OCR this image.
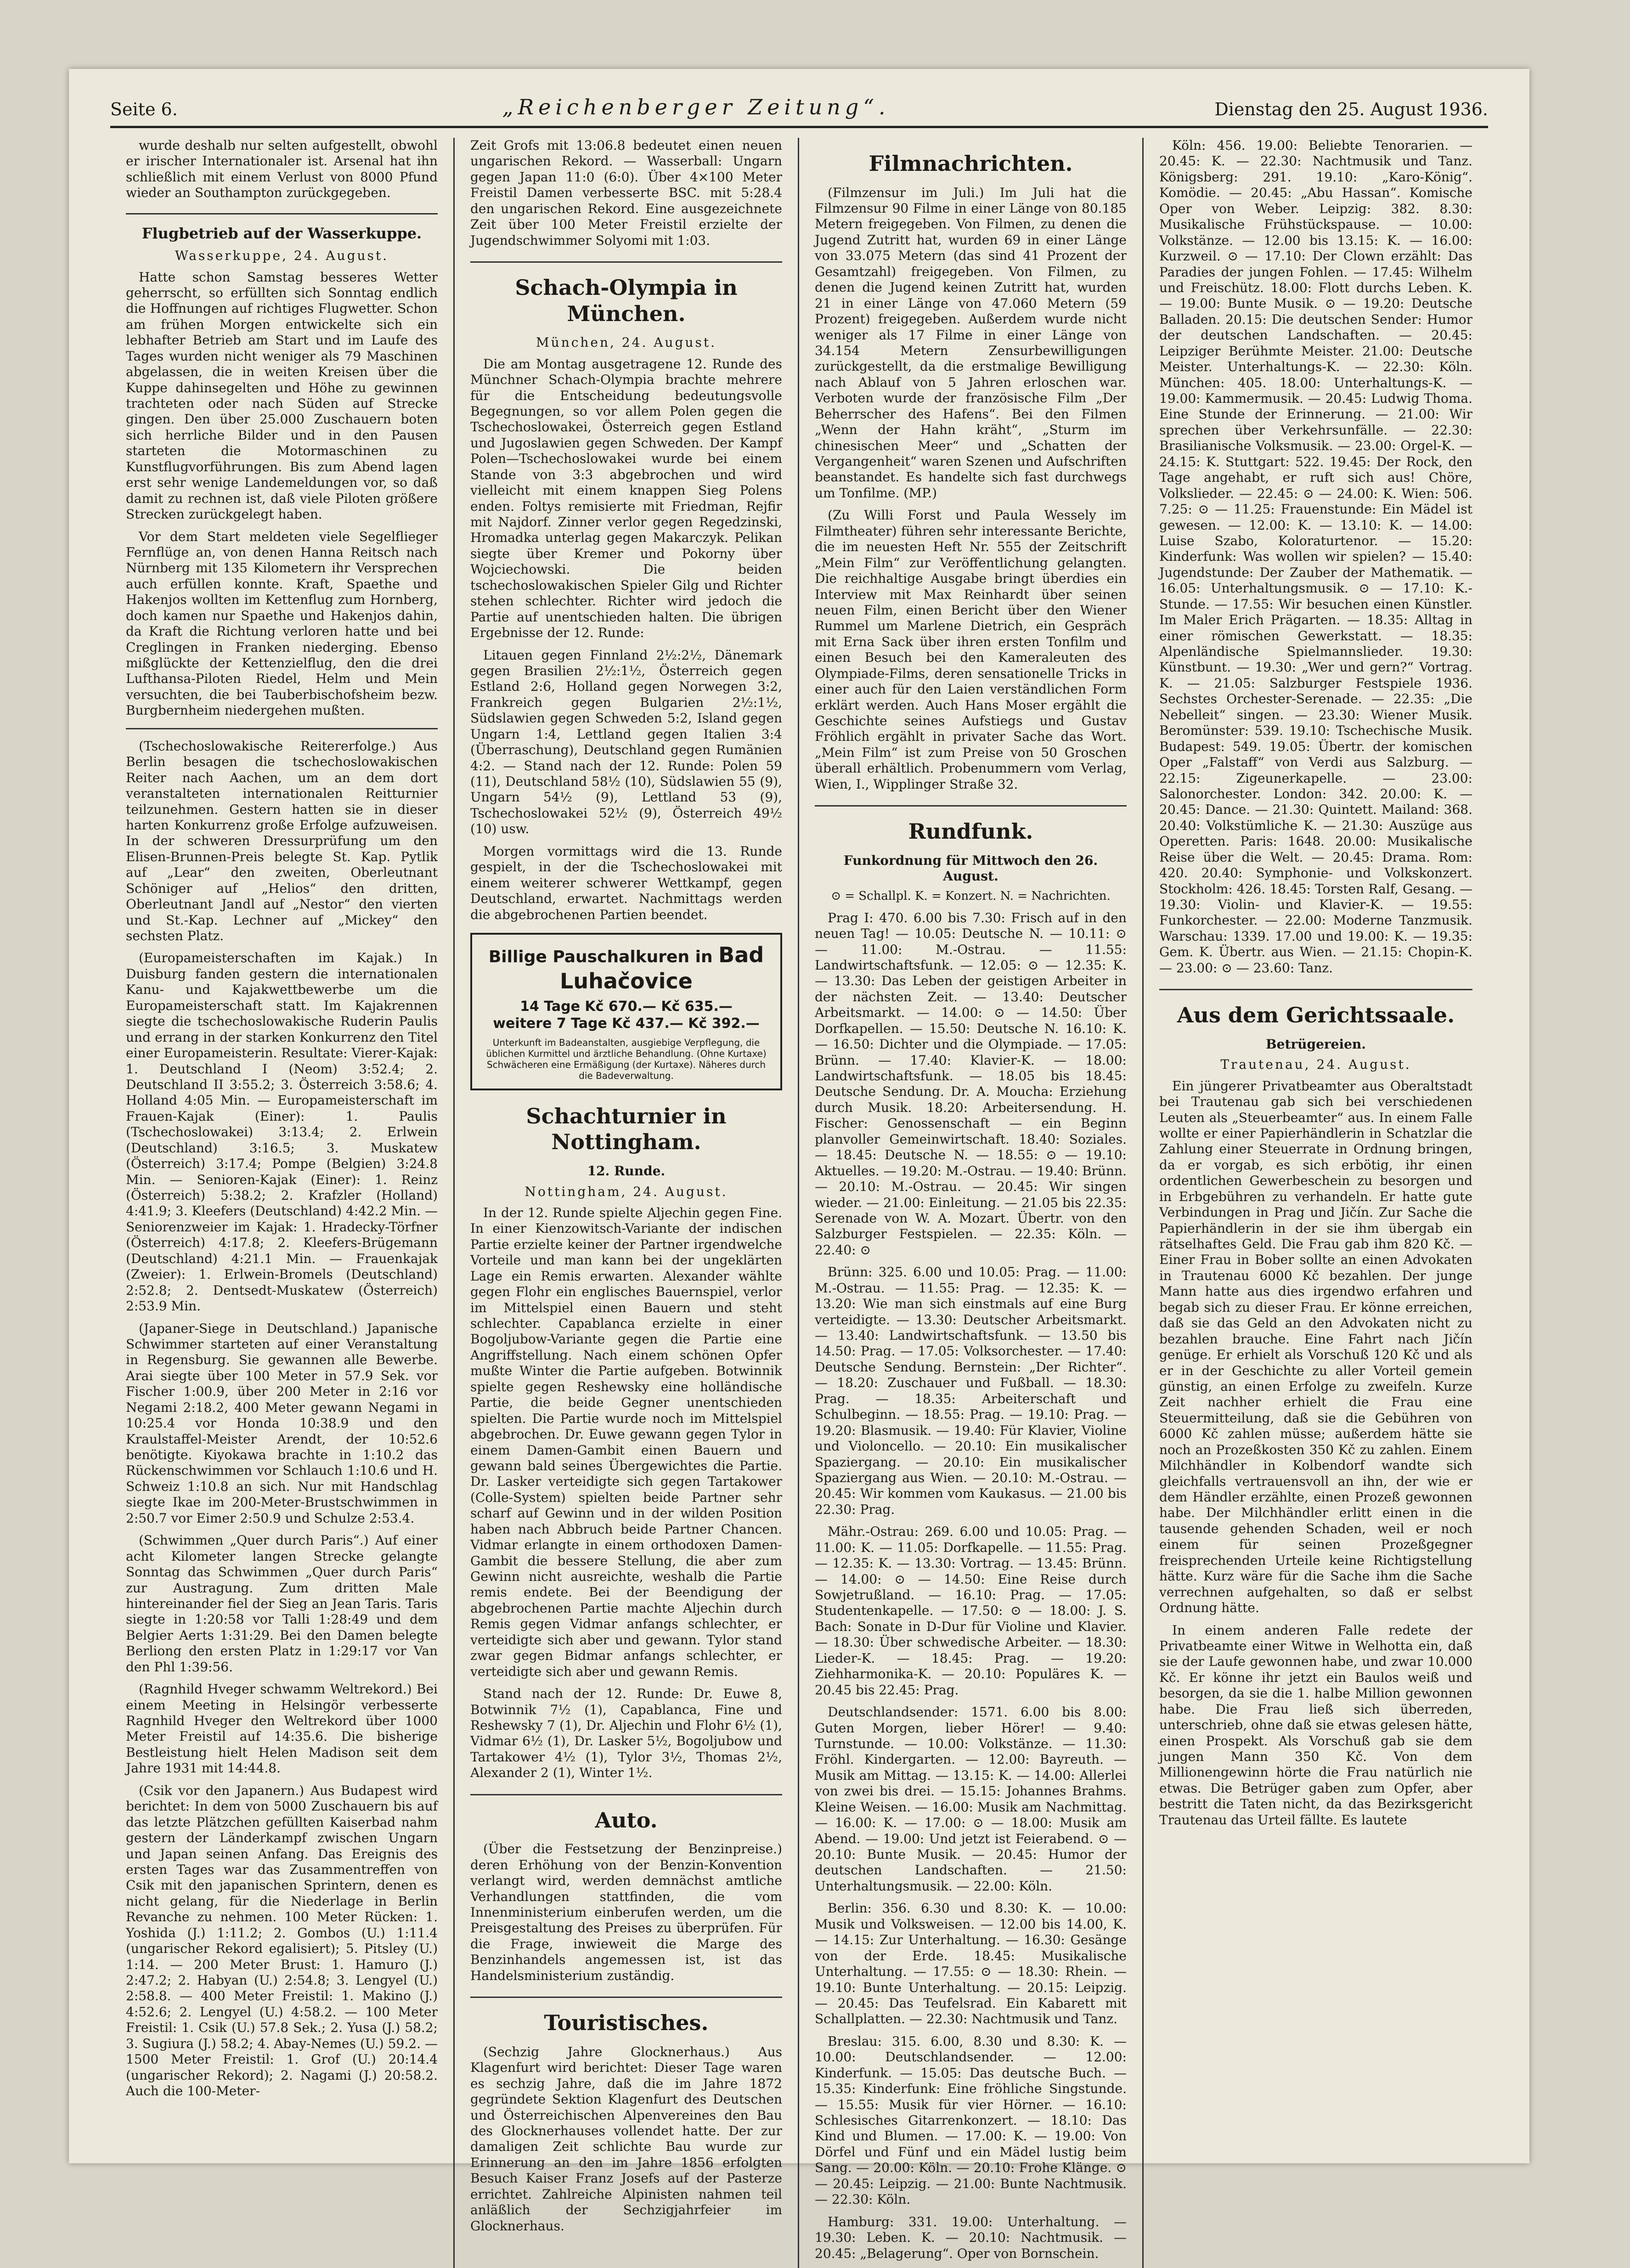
Seite 6.	„Reichenberger Zeitung“.	Dienstag den 25. August 1936.

wurde deshalb nur selten aufgestellt, obwohl er irischer Internationaler ist. Arsenal hat ihn schließlich mit einem Verlust von 8000 Pfund wieder an Southampton zurückgegeben.

Flugbetrieb auf der Wasserkuppe.
Wasserkuppe, 24. August.

Hatte schon Samstag besseres Wetter geherrscht, so erfüllten sich Sonntag endlich die Hoffnungen auf richtiges Flugwetter. Schon am frühen Morgen entwickelte sich ein lebhafter Betrieb am Start und im Laufe des Tages wurden nicht weniger als 79 Maschinen abgelassen, die in weiten Kreisen über die Kuppe dahinsegelten und Höhe zu gewinnen trachteten oder nach Süden auf Strecke gingen. Den über 25.000 Zuschauern boten sich herrliche Bilder und in den Pausen starteten die Motormaschinen zu Kunstflugvorführungen. Bis zum Abend lagen erst sehr wenige Landemeldungen vor, so daß damit zu rechnen ist, daß viele Piloten größere Strecken zurückgelegt haben.

Vor dem Start meldeten viele Segelflieger Fernflüge an, von denen Hanna Reitsch nach Nürnberg mit 135 Kilometern ihr Versprechen auch erfüllen konnte. Kraft, Spaethe und Hakenjos wollten im Kettenflug zum Hornberg, doch kamen nur Spaethe und Hakenjos dahin, da Kraft die Richtung verloren hatte und bei Creglingen in Franken niederging. Ebenso mißglückte der Kettenzielflug, den die drei Lufthansa-Piloten Riedel, Helm und Mein versuchten, die bei Tauberbischofsheim bezw. Burgbernheim niedergehen mußten.

(Tschechoslowakische Reitererfolge.) Aus Berlin besagen die tschechoslowakischen Reiter nach Aachen, um an dem dort veranstalteten internationalen Reitturnier teilzunehmen. Gestern hatten sie in dieser harten Konkurrenz große Erfolge aufzuweisen. In der schweren Dressurprüfung um den Elisen-Brunnen-Preis belegte St. Kap. Pytlik auf „Lear“ den zweiten, Oberleutnant Schöniger auf „Helios“ den dritten, Oberleutnant Jandl auf „Nestor“ den vierten und St.-Kap. Lechner auf „Mickey“ den sechsten Platz.

(Europameisterschaften im Kajak.) In Duisburg fanden gestern die internationalen Kanu- und Kajakwettbewerbe um die Europameisterschaft statt. Im Kajakrennen siegte die tschechoslowakische Ruderin Paulis und errang in der starken Konkurrenz den Titel einer Europameisterin. Resultate: Vierer-Kajak: 1. Deutschland I (Neom) 3:52.4; 2. Deutschland II 3:55.2; 3. Österreich 3:58.6; 4. Holland 4:05 Min. — Europameisterschaft im Frauen-Kajak (Einer): 1. Paulis (Tschechoslowakei) 3:13.4; 2. Erlwein (Deutschland) 3:16.5; 3. Muskatew (Österreich) 3:17.4; Pompe (Belgien) 3:24.8 Min. — Senioren-Kajak (Einer): 1. Reinz (Österreich) 5:38.2; 2. Krafzler (Holland) 4:41.9; 3. Kleefers (Deutschland) 4:42.2 Min. — Seniorenzweier im Kajak: 1. Hradecky-Törfner (Österreich) 4:17.8; 2. Kleefers-Brügemann (Deutschland) 4:21.1 Min. — Frauenkajak (Zweier): 1. Erlwein-Bromels (Deutschland) 2:52.8; 2. Dentsedt-Muskatew (Österreich) 2:53.9 Min.

(Japaner-Siege in Deutschland.) Japanische Schwimmer starteten auf einer Veranstaltung in Regensburg. Sie gewannen alle Bewerbe. Arai siegte über 100 Meter in 57.9 Sek. vor Fischer 1:00.9, über 200 Meter in 2:16 vor Negami 2:18.2, 400 Meter gewann Negami in 10:25.4 vor Honda 10:38.9 und den Kraulstaffel-Meister Arendt, der 10:52.6 benötigte. Kiyokawa brachte in 1:10.2 das Rückenschwimmen vor Schlauch 1:10.6 und H. Schweiz 1:10.8 an sich. Nur mit Handschlag siegte Ikae im 200-Meter-Brustschwimmen in 2:50.7 vor Eimer 2:50.9 und Schulze 2:53.4.

(Schwimmen „Quer durch Paris“.) Auf einer acht Kilometer langen Strecke gelangte Sonntag das Schwimmen „Quer durch Paris“ zur Austragung. Zum dritten Male hintereinander fiel der Sieg an Jean Taris. Taris siegte in 1:20:58 vor Talli 1:28:49 und dem Belgier Aerts 1:31:29. Bei den Damen belegte Berliong den ersten Platz in 1:29:17 vor Van den Phl 1:39:56.

(Ragnhild Hveger schwamm Weltrekord.) Bei einem Meeting in Helsingör verbesserte Ragnhild Hveger den Weltrekord über 1000 Meter Freistil auf 14:35.6. Die bisherige Bestleistung hielt Helen Madison seit dem Jahre 1931 mit 14:44.8.

(Csik vor den Japanern.) Aus Budapest wird berichtet: In dem von 5000 Zuschauern bis auf das letzte Plätzchen gefüllten Kaiserbad nahm gestern der Länderkampf zwischen Ungarn und Japan seinen Anfang. Das Ereignis des ersten Tages war das Zusammentreffen von Csik mit den japanischen Sprintern, denen es nicht gelang, für die Niederlage in Berlin Revanche zu nehmen. 100 Meter Rücken: 1. Yoshida (J.) 1:11.2; 2. Gombos (U.) 1:11.4 (ungarischer Rekord egalisiert); 5. Pitsley (U.) 1:14. — 200 Meter Brust: 1. Hamuro (J.) 2:47.2; 2. Habyan (U.) 2:54.8; 3. Lengyel (U.) 2:58.8. — 400 Meter Freistil: 1. Makino (J.) 4:52.6; 2. Lengyel (U.) 4:58.2. — 100 Meter Freistil: 1. Csik (U.) 57.8 Sek.; 2. Yusa (J.) 58.2; 3. Sugiura (J.) 58.2; 4. Abay-Nemes (U.) 59.2. — 1500 Meter Freistil: 1. Grof (U.) 20:14.4 (ungarischer Rekord); 2. Nagami (J.) 20:58.2. Auch die 100-Meter-

Zeit Grofs mit 13:06.8 bedeutet einen neuen ungarischen Rekord. — Wasserball: Ungarn gegen Japan 11:0 (6:0). Über 4×100 Meter Freistil Damen verbesserte BSC. mit 5:28.4 den ungarischen Rekord. Eine ausgezeichnete Zeit über 100 Meter Freistil erzielte der Jugendschwimmer Solyomi mit 1:03.

Schach-Olympia in München.
München, 24. August.

Die am Montag ausgetragene 12. Runde des Münchner Schach-Olympia brachte mehrere für die Entscheidung bedeutungsvolle Begegnungen, so vor allem Polen gegen die Tschechoslowakei, Österreich gegen Estland und Jugoslawien gegen Schweden. Der Kampf Polen—Tschechoslowakei wurde bei einem Stande von 3:3 abgebrochen und wird vielleicht mit einem knappen Sieg Polens enden. Foltys remisierte mit Friedman, Rejfir mit Najdorf. Zinner verlor gegen Regedzinski, Hromadka unterlag gegen Makarczyk. Pelikan siegte über Kremer und Pokorny über Wojciechowski. Die beiden tschechoslowakischen Spieler Gilg und Richter stehen schlechter. Richter wird jedoch die Partie auf unentschieden halten. Die übrigen Ergebnisse der 12. Runde:

Litauen gegen Finnland 2½:2½, Dänemark gegen Brasilien 2½:1½, Österreich gegen Estland 2:6, Holland gegen Norwegen 3:2, Frankreich gegen Bulgarien 2½:1½, Südslawien gegen Schweden 5:2, Island gegen Ungarn 1:4, Lettland gegen Italien 3:4 (Überraschung), Deutschland gegen Rumänien 4:2. — Stand nach der 12. Runde: Polen 59 (11), Deutschland 58½ (10), Südslawien 55 (9), Ungarn 54½ (9), Lettland 53 (9), Tschechoslowakei 52½ (9), Österreich 49½ (10) usw.

Morgen vormittags wird die 13. Runde gespielt, in der die Tschechoslowakei mit einem weiterer schwerer Wettkampf, gegen Deutschland, erwartet. Nachmittags werden die abgebrochenen Partien beendet.

Billige Pauschalkuren in Bad Luhačovice
14 Tage Kč 670.— Kč 635.—
weitere 7 Tage Kč 437.— Kč 392.—
Unterkunft im Badeanstalten, ausgiebige Verpflegung, die üblichen Kurmittel und ärztliche Behandlung. (Ohne Kurtaxe) Schwächeren eine Ermäßigung (der Kurtaxe). Näheres durch die Badeverwaltung.
Schachturnier in Nottingham.
12. Runde.
Nottingham, 24. August.

In der 12. Runde spielte Aljechin gegen Fine. In einer Kienzowitsch-Variante der indischen Partie erzielte keiner der Partner irgendwelche Vorteile und man kann bei der ungeklärten Lage ein Remis erwarten. Alexander wählte gegen Flohr ein englisches Bauernspiel, verlor im Mittelspiel einen Bauern und steht schlechter. Capablanca erzielte in einer Bogoljubow-Variante gegen die Partie eine Angriffstellung. Nach einem schönen Opfer mußte Winter die Partie aufgeben. Botwinnik spielte gegen Reshewsky eine holländische Partie, die beide Gegner unentschieden spielten. Die Partie wurde noch im Mittelspiel abgebrochen. Dr. Euwe gewann gegen Tylor in einem Damen-Gambit einen Bauern und gewann bald seines Übergewichtes die Partie. Dr. Lasker verteidigte sich gegen Tartakower (Colle-System) spielten beide Partner sehr scharf auf Gewinn und in der wilden Position haben nach Abbruch beide Partner Chancen. Vidmar erlangte in einem orthodoxen Damen-Gambit die bessere Stellung, die aber zum Gewinn nicht ausreichte, weshalb die Partie remis endete. Bei der Beendigung der abgebrochenen Partie machte Aljechin durch Remis gegen Vidmar anfangs schlechter, er verteidigte sich aber und gewann. Tylor stand zwar gegen Bidmar anfangs schlechter, er verteidigte sich aber und gewann Remis.

Stand nach der 12. Runde: Dr. Euwe 8, Botwinnik 7½ (1), Capablanca, Fine und Reshewsky 7 (1), Dr. Aljechin und Flohr 6½ (1), Vidmar 6½ (1), Dr. Lasker 5½, Bogoljubow und Tartakower 4½ (1), Tylor 3½, Thomas 2½, Alexander 2 (1), Winter 1½.

Auto.

(Über die Festsetzung der Benzinpreise.) deren Erhöhung von der Benzin-Konvention verlangt wird, werden demnächst amtliche Verhandlungen stattfinden, die vom Innenministerium einberufen werden, um die Preisgestaltung des Preises zu überprüfen. Für die Frage, inwieweit die Marge des Benzinhandels angemessen ist, ist das Handelsministerium zuständig.

Touristisches.

(Sechzig Jahre Glocknerhaus.) Aus Klagenfurt wird berichtet: Dieser Tage waren es sechzig Jahre, daß die im Jahre 1872 gegründete Sektion Klagenfurt des Deutschen und Österreichischen Alpenvereines den Bau des Glocknerhauses vollendet hatte. Der zur damaligen Zeit schlichte Bau wurde zur Erinnerung an den im Jahre 1856 erfolgten Besuch Kaiser Franz Josefs auf der Pasterze errichtet. Zahlreiche Alpinisten nahmen teil anläßlich der Sechzigjahrfeier im Glocknerhaus.

Filmnachrichten.

(Filmzensur im Juli.) Im Juli hat die Filmzensur 90 Filme in einer Länge von 80.185 Metern freigegeben. Von Filmen, zu denen die Jugend Zutritt hat, wurden 69 in einer Länge von 33.075 Metern (das sind 41 Prozent der Gesamtzahl) freigegeben. Von Filmen, zu denen die Jugend keinen Zutritt hat, wurden 21 in einer Länge von 47.060 Metern (59 Prozent) freigegeben. Außerdem wurde nicht weniger als 17 Filme in einer Länge von 34.154 Metern Zensurbewilligungen zurückgestellt, da die erstmalige Bewilligung nach Ablauf von 5 Jahren erloschen war. Verboten wurde der französische Film „Der Beherrscher des Hafens“. Bei den Filmen „Wenn der Hahn kräht“, „Sturm im chinesischen Meer“ und „Schatten der Vergangenheit“ waren Szenen und Aufschriften beanstandet. Es handelte sich fast durchwegs um Tonfilme. (MP.)

(Zu Willi Forst und Paula Wessely im Filmtheater) führen sehr interessante Berichte, die im neuesten Heft Nr. 555 der Zeitschrift „Mein Film“ zur Veröffentlichung gelangten. Die reichhaltige Ausgabe bringt überdies ein Interview mit Max Reinhardt über seinen neuen Film, einen Bericht über den Wiener Rummel um Marlene Dietrich, ein Gespräch mit Erna Sack über ihren ersten Tonfilm und einen Besuch bei den Kameraleuten des Olympiade-Films, deren sensationelle Tricks in einer auch für den Laien verständlichen Form erklärt werden. Auch Hans Moser ergählt die Geschichte seines Aufstiegs und Gustav Fröhlich ergählt in privater Sache das Wort. „Mein Film“ ist zum Preise von 50 Groschen überall erhältlich. Probenummern vom Verlag, Wien, I., Wipplinger Straße 32.

Rundfunk.
Funkordnung für Mittwoch den 26. August.
⊙ = Schallpl. K. = Konzert. N. = Nachrichten.

Prag I: 470. 6.00 bis 7.30: Frisch auf in den neuen Tag! — 10.05: Deutsche N. — 10.11: ⊙ — 11.00: M.-Ostrau. — 11.55: Landwirtschaftsfunk. — 12.05: ⊙ — 12.35: K. — 13.30: Das Leben der geistigen Arbeiter in der nächsten Zeit. — 13.40: Deutscher Arbeitsmarkt. — 14.00: ⊙ — 14.50: Über Dorfkapellen. — 15.50: Deutsche N. 16.10: K. — 16.50: Dichter und die Olympiade. — 17.05: Brünn. — 17.40: Klavier-K. — 18.00: Landwirtschaftsfunk. — 18.05 bis 18.45: Deutsche Sendung. Dr. A. Moucha: Erziehung durch Musik. 18.20: Arbeitersendung. H. Fischer: Genossenschaft — ein Beginn planvoller Gemeinwirtschaft. 18.40: Soziales. — 18.45: Deutsche N. — 18.55: ⊙ — 19.10: Aktuelles. — 19.20: M.-Ostrau. — 19.40: Brünn. — 20.10: M.-Ostrau. — 20.45: Wir singen wieder. — 21.00: Einleitung. — 21.05 bis 22.35: Serenade von W. A. Mozart. Übertr. von den Salzburger Festspielen. — 22.35: Köln. — 22.40: ⊙

Brünn: 325. 6.00 und 10.05: Prag. — 11.00: M.-Ostrau. — 11.55: Prag. — 12.35: K. — 13.20: Wie man sich einstmals auf eine Burg verteidigte. — 13.30: Deutscher Arbeitsmarkt. — 13.40: Landwirtschaftsfunk. — 13.50 bis 14.50: Prag. — 17.05: Volksorchester. — 17.40: Deutsche Sendung. Bernstein: „Der Richter“. — 18.20: Zuschauer und Fußball. — 18.30: Prag. — 18.35: Arbeiterschaft und Schulbeginn. — 18.55: Prag. — 19.10: Prag. — 19.20: Blasmusik. — 19.40: Für Klavier, Violine und Violoncello. — 20.10: Ein musikalischer Spaziergang. — 20.10: Ein musikalischer Spaziergang aus Wien. — 20.10: M.-Ostrau. — 20.45: Wir kommen vom Kaukasus. — 21.00 bis 22.30: Prag.

Mähr.-Ostrau: 269. 6.00 und 10.05: Prag. — 11.00: K. — 11.05: Dorfkapelle. — 11.55: Prag. — 12.35: K. — 13.30: Vortrag. — 13.45: Brünn. — 14.00: ⊙ — 14.50: Eine Reise durch Sowjetrußland. — 16.10: Prag. — 17.05: Studentenkapelle. — 17.50: ⊙ — 18.00: J. S. Bach: Sonate in D-Dur für Violine und Klavier. — 18.30: Über schwedische Arbeiter. — 18.30: Lieder-K. — 18.45: Prag. — 19.20: Ziehharmonika-K. — 20.10: Populäres K. — 20.45 bis 22.45: Prag.

Deutschlandsender: 1571. 6.00 bis 8.00: Guten Morgen, lieber Hörer! — 9.40: Turnstunde. — 10.00: Volkstänze. — 11.30: Fröhl. Kindergarten. — 12.00: Bayreuth. — Musik am Mittag. — 13.15: K. — 14.00: Allerlei von zwei bis drei. — 15.15: Johannes Brahms. Kleine Weisen. — 16.00: Musik am Nachmittag. — 16.00: K. — 17.00: ⊙ — 18.00: Musik am Abend. — 19.00: Und jetzt ist Feierabend. ⊙ — 20.10: Bunte Musik. — 20.45: Humor der deutschen Landschaften. — 21.50: Unterhaltungsmusik. — 22.00: Köln.

Berlin: 356. 6.30 und 8.30: K. — 10.00: Musik und Volksweisen. — 12.00 bis 14.00, K. — 14.15: Zur Unterhaltung. — 16.30: Gesänge von der Erde. 18.45: Musikalische Unterhaltung. — 17.55: ⊙ — 18.30: Rhein. — 19.10: Bunte Unterhaltung. — 20.15: Leipzig. — 20.45: Das Teufelsrad. Ein Kabarett mit Schallplatten. — 22.30: Nachtmusik und Tanz.

Breslau: 315. 6.00, 8.30 und 8.30: K. — 10.00: Deutschlandsender. — 12.00: Kinderfunk. — 15.05: Das deutsche Buch. — 15.35: Kinderfunk: Eine fröhliche Singstunde. — 15.55: Musik für vier Hörner. — 16.10: Schlesisches Gitarrenkonzert. — 18.10: Das Kind und Blumen. — 17.00: K. — 19.00: Von Dörfel und Fünf und ein Mädel lustig beim Sang. — 20.00: Köln. — 20.10: Frohe Klänge. ⊙ — 20.45: Leipzig. — 21.00: Bunte Nachtmusik. — 22.30: Köln.

Hamburg: 331. 19.00: Unterhaltung. — 19.30: Leben. K. — 20.10: Nachtmusik. — 20.45: „Belagerung“. Oper von Bornschein.

Köln: 456. 19.00: Beliebte Tenorarien. — 20.45: K. — 22.30: Nachtmusik und Tanz. Königsberg: 291. 19.10: „Karo-König“. Komödie. — 20.45: „Abu Hassan“. Komische Oper von Weber. Leipzig: 382. 8.30: Musikalische Frühstückspause. — 10.00: Volkstänze. — 12.00 bis 13.15: K. — 16.00: Kurzweil. ⊙ — 17.10: Der Clown erzählt: Das Paradies der jungen Fohlen. — 17.45: Wilhelm und Freischütz. 18.00: Flott durchs Leben. K. — 19.00: Bunte Musik. ⊙ — 19.20: Deutsche Balladen. 20.15: Die deutschen Sender: Humor der deutschen Landschaften. — 20.45: Leipziger Berühmte Meister. 21.00: Deutsche Meister. Unterhaltungs-K. — 22.30: Köln. München: 405. 18.00: Unterhaltungs-K. — 19.00: Kammermusik. — 20.45: Ludwig Thoma. Eine Stunde der Erinnerung. — 21.00: Wir sprechen über Verkehrsunfälle. — 22.30: Brasilianische Volksmusik. — 23.00: Orgel-K. — 24.15: K. Stuttgart: 522. 19.45: Der Rock, den Tage angehabt, er ruft sich aus! Chöre, Volkslieder. — 22.45: ⊙ — 24.00: K. Wien: 506. 7.25: ⊙ — 11.25: Frauenstunde: Ein Mädel ist gewesen. — 12.00: K. — 13.10: K. — 14.00: Luise Szabo, Koloraturtenor. — 15.20: Kinderfunk: Was wollen wir spielen? — 15.40: Jugendstunde: Der Zauber der Mathematik. — 16.05: Unterhaltungsmusik. ⊙ — 17.10: K.-Stunde. — 17.55: Wir besuchen einen Künstler. Im Maler Erich Prägarten. — 18.35: Alltag in einer römischen Gewerkstatt. — 18.35: Alpenländische Spielmannslieder. 19.30: Künstbunt. — 19.30: „Wer und gern?“ Vortrag. K. — 21.05: Salzburger Festspiele 1936. Sechstes Orchester-Serenade. — 22.35: „Die Nebelleit“ singen. — 23.30: Wiener Musik. Beromünster: 539. 19.10: Tschechische Musik. Budapest: 549. 19.05: Übertr. der komischen Oper „Falstaff“ von Verdi aus Salzburg. — 22.15: Zigeunerkapelle. — 23.00: Salonorchester. London: 342. 20.00: K. — 20.45: Dance. — 21.30: Quintett. Mailand: 368. 20.40: Volkstümliche K. — 21.30: Auszüge aus Operetten. Paris: 1648. 20.00: Musikalische Reise über die Welt. — 20.45: Drama. Rom: 420. 20.40: Symphonie- und Volkskonzert. Stockholm: 426. 18.45: Torsten Ralf, Gesang. — 19.30: Violin- und Klavier-K. — 19.55: Funkorchester. — 22.00: Moderne Tanzmusik. Warschau: 1339. 17.00 und 19.00: K. — 19.35: Gem. K. Übertr. aus Wien. — 21.15: Chopin-K. — 23.00: ⊙ — 23.60: Tanz.

Aus dem Gerichtssaale.
Betrügereien.
Trautenau, 24. August.

Ein jüngerer Privatbeamter aus Oberaltstadt bei Trautenau gab sich bei verschiedenen Leuten als „Steuerbeamter“ aus. In einem Falle wollte er einer Papierhändlerin in Schatzlar die Zahlung einer Steuerrate in Ordnung bringen, da er vorgab, es sich erbötig, ihr einen ordentlichen Gewerbeschein zu besorgen und in Erbgebühren zu verhandeln. Er hatte gute Verbindungen in Prag und Jičín. Zur Sache die Papierhändlerin in der sie ihm übergab ein rätselhaftes Geld. Die Frau gab ihm 820 Kč. — Einer Frau in Bober sollte an einen Advokaten in Trautenau 6000 Kč bezahlen. Der junge Mann hatte aus dies irgendwo erfahren und begab sich zu dieser Frau. Er könne erreichen, daß sie das Geld an den Advokaten nicht zu bezahlen brauche. Eine Fahrt nach Jičín genüge. Er erhielt als Vorschuß 120 Kč und als er in der Geschichte zu aller Vorteil gemein günstig, an einen Erfolge zu zweifeln. Kurze Zeit nachher erhielt die Frau eine Steuermitteilung, daß sie die Gebühren von 6000 Kč zahlen müsse; außerdem hätte sie noch an Prozeßkosten 350 Kč zu zahlen. Einem Milchhändler in Kolbendorf wandte sich gleichfalls vertrauensvoll an ihn, der wie er dem Händler erzählte, einen Prozeß gewonnen habe. Der Milchhändler erlitt einen in die tausende gehenden Schaden, weil er noch einem für seinen Prozeßgegner freisprechenden Urteile keine Richtigstellung hätte. Kurz wäre für die Sache ihm die Sache verrechnen aufgehalten, so daß er selbst Ordnung hätte.

In einem anderen Falle redete der Privatbeamte einer Witwe in Welhotta ein, daß sie der Laufe gewonnen habe, und zwar 10.000 Kč. Er könne ihr jetzt ein Baulos weiß und besorgen, da sie die 1. halbe Million gewonnen habe. Die Frau ließ sich überreden, unterschrieb, ohne daß sie etwas gelesen hätte, einen Prospekt. Als Vorschuß gab sie dem jungen Mann 350 Kč. Von dem Millionengewinn hörte die Frau natürlich nie etwas. Die Betrüger gaben zum Opfer, aber bestritt die Taten nicht, da das Bezirksgericht Trautenau das Urteil fällte. Es lautete
